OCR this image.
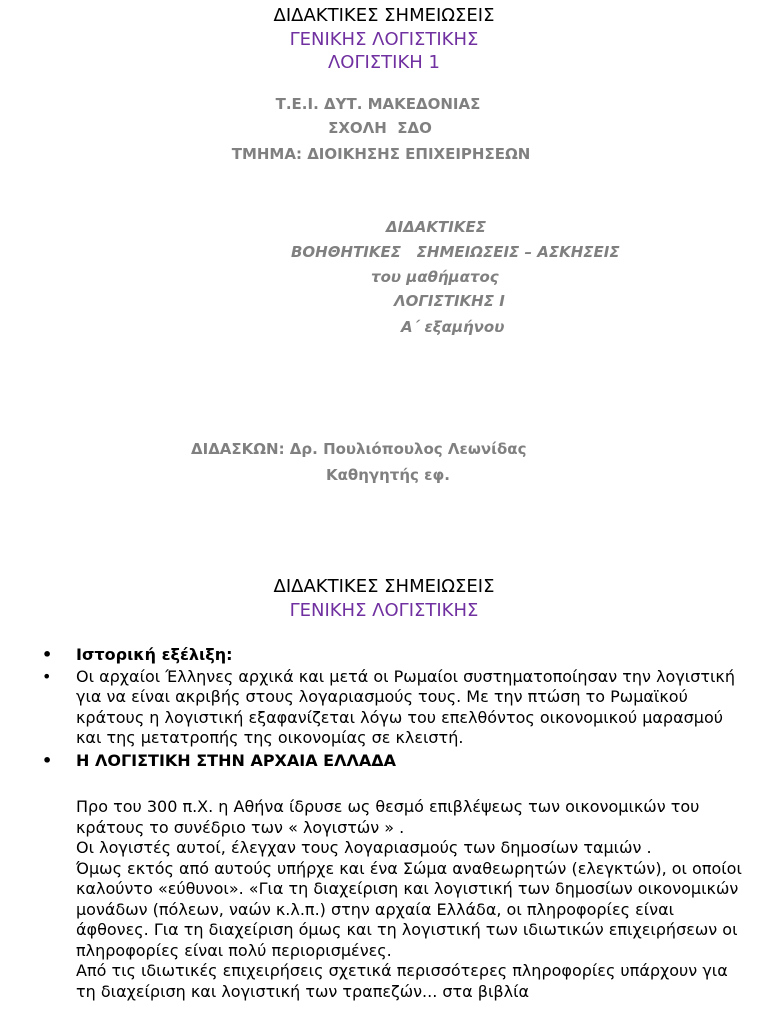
ΔΙΔΑΚΤΙΚΕΣ ΣΗΜΕΙΩΣΕΙΣ
ΓΕΝΙΚΗΣ ΛΟΓΙΣΤΙΚΗΣ
ΛΟΓΙΣΤΙΚΗ 1
Τ.Ε.Ι. ΔΥΤ. ΜΑΚΕΔΟΝΙΑΣ
ΣΧΟΛΗ  ΣΔΟ
ΤΜΗΜΑ: ΔΙΟΙΚΗΣΗΣ ΕΠΙΧΕΙΡΗΣΕΩΝ
ΔΙΔΑΚΤΙΚΕΣ
ΒΟΗΘΗΤΙΚΕΣ   ΣΗΜΕΙΩΣΕΙΣ – ΑΣΚΗΣΕΙΣ
του μαθήματος
ΛΟΓΙΣΤΙΚΗΣ Ι
Α΄ εξαμήνου
ΔΙΔΑΣΚΩΝ: Δρ. Πουλιόπουλος Λεωνίδας
Καθηγητής εφ.
ΔΙΔΑΚΤΙΚΕΣ ΣΗΜΕΙΩΣΕΙΣ
ΓΕΝΙΚΗΣ ΛΟΓΙΣΤΙΚΗΣ
• Ιστορική εξέλιξη:
• Οι αρχαίοι Έλληνες αρχικά και μετά οι Ρωμαίοι συστηματοποίησαν την λογιστική για να είναι ακριβής στους λογαριασμούς τους. Με την πτώση το Ρωμαϊκού κράτους η λογιστική εξαφανίζεται λόγω του επελθόντος οικονομικού μαρασμού και της μετατροπής της οικονομίας σε κλειστή.
• Η ΛΟΓΙΣΤΙΚΗ ΣΤΗΝ ΑΡΧΑΙΑ ΕΛΛΑΔΑ

Προ του 300 π.Χ. η Αθήνα ίδρυσε ως θεσμό επιβλέψεως των οικονομικών του κράτους το συνέδριο των « λογιστών » .

Οι λογιστές αυτοί, έλεγχαν τους λογαριασμούς των δημοσίων ταμιών .

Όμως εκτός από αυτούς υπήρχε και ένα Σώμα αναθεωρητών (ελεγκτών), οι οποίοι καλούντο «εύθυνοι». «Για τη διαχείριση και λογιστική των δημοσίων οικονομικών μονάδων (πόλεων, ναών κ.λ.π.) στην αρχαία Ελλάδα, οι πληροφορίες είναι άφθονες. Για τη διαχείριση όμως και τη λογιστική των ιδιωτικών επιχειρήσεων οι πληροφορίες είναι πολύ περιορισμένες.

Από τις ιδιωτικές επιχειρήσεις σχετικά περισσότερες πληροφορίες υπάρχουν για τη διαχείριση και λογιστική των τραπεζών... στα βιβλία
